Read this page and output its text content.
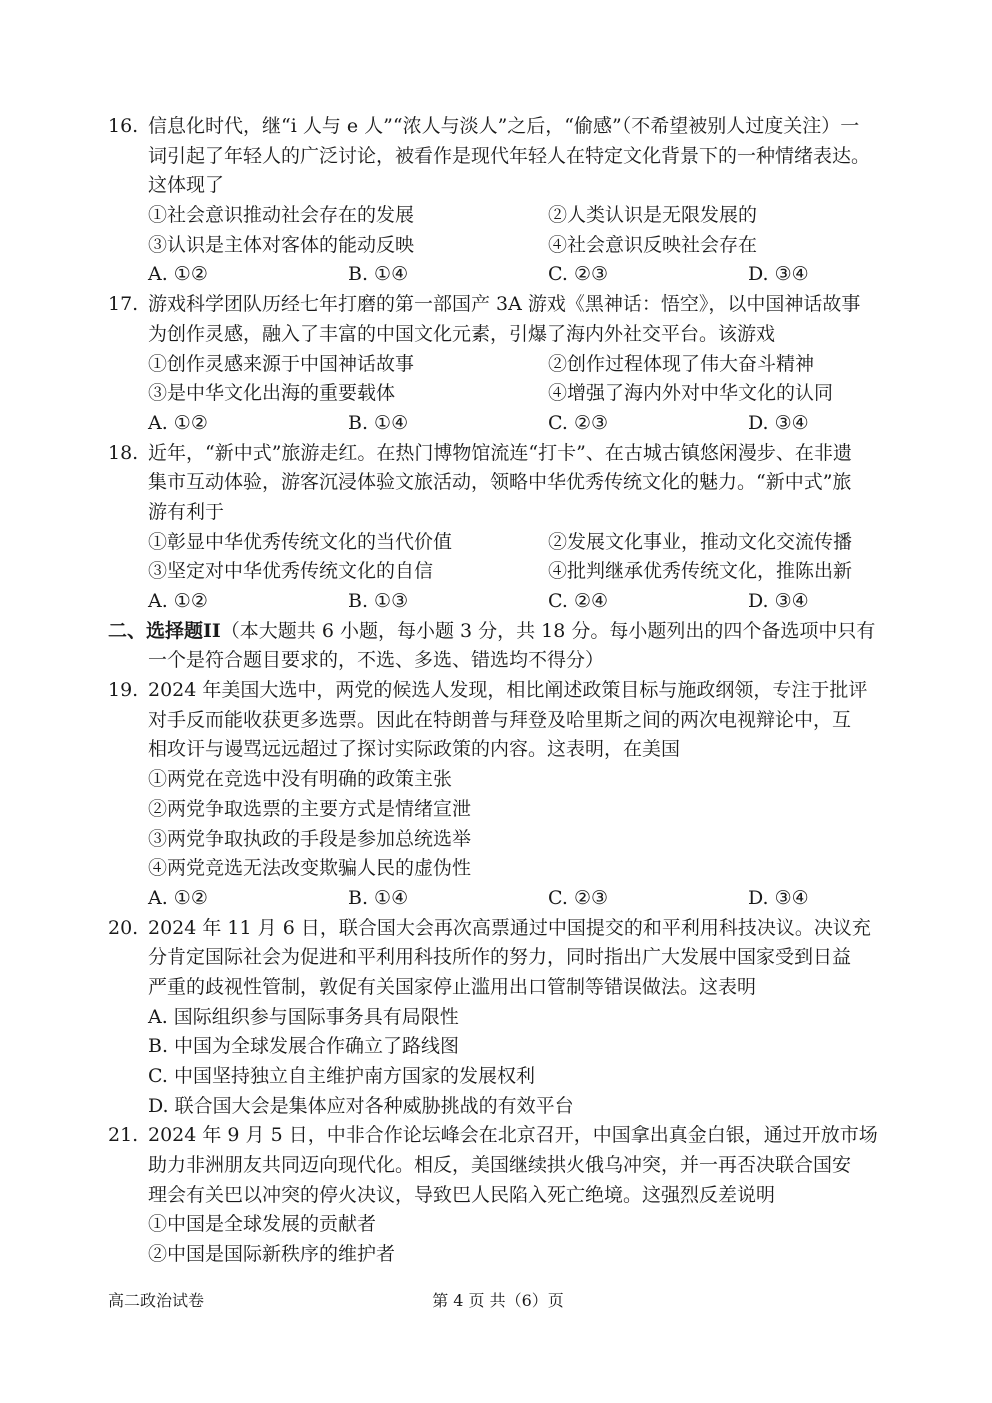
16. 信息化时代，继“i 人与 e 人”“浓人与淡人”之后，“偷感”（不希望被别人过度关注）一
词引起了年轻人的广泛讨论，被看作是现代年轻人在特定文化背景下的一种情绪表达。
这体现了
①社会意识推动社会存在的发展	②人类认识是无限发展的
③认识是主体对客体的能动反映	④社会意识反映社会存在
A. ①②	B. ①④	C. ②③	D. ③④
17. 游戏科学团队历经七年打磨的第一部国产 3A 游戏《黑神话：悟空》，以中国神话故事
为创作灵感，融入了丰富的中国文化元素，引爆了海内外社交平台。该游戏
①创作灵感来源于中国神话故事	②创作过程体现了伟大奋斗精神
③是中华文化出海的重要载体	④增强了海内外对中华文化的认同
A. ①②	B. ①④	C. ②③	D. ③④
18. 近年，“新中式”旅游走红。在热门博物馆流连“打卡”、在古城古镇悠闲漫步、在非遗
集市互动体验，游客沉浸体验文旅活动，领略中华优秀传统文化的魅力。“新中式”旅
游有利于
①彰显中华优秀传统文化的当代价值	②发展文化事业，推动文化交流传播
③坚定对中华优秀传统文化的自信	④批判继承优秀传统文化，推陈出新
A. ①②	B. ①③	C. ②④	D. ③④
二、选择题II（本大题共 6 小题，每小题 3 分，共 18 分。每小题列出的四个备选项中只有
一个是符合题目要求的，不选、多选、错选均不得分）
19. 2024 年美国大选中，两党的候选人发现，相比阐述政策目标与施政纲领，专注于批评
对手反而能收获更多选票。因此在特朗普与拜登及哈里斯之间的两次电视辩论中，互
相攻讦与谩骂远远超过了探讨实际政策的内容。这表明，在美国
①两党在竞选中没有明确的政策主张
②两党争取选票的主要方式是情绪宣泄
③两党争取执政的手段是参加总统选举
④两党竞选无法改变欺骗人民的虚伪性
A. ①②	B. ①④	C. ②③	D. ③④
20. 2024 年 11 月 6 日，联合国大会再次高票通过中国提交的和平利用科技决议。决议充
分肯定国际社会为促进和平利用科技所作的努力，同时指出广大发展中国家受到日益
严重的歧视性管制，敦促有关国家停止滥用出口管制等错误做法。这表明
A. 国际组织参与国际事务具有局限性
B. 中国为全球发展合作确立了路线图
C. 中国坚持独立自主维护南方国家的发展权利
D. 联合国大会是集体应对各种威胁挑战的有效平台
21. 2024 年 9 月 5 日，中非合作论坛峰会在北京召开，中国拿出真金白银，通过开放市场
助力非洲朋友共同迈向现代化。相反，美国继续拱火俄乌冲突，并一再否决联合国安
理会有关巴以冲突的停火决议，导致巴人民陷入死亡绝境。这强烈反差说明
①中国是全球发展的贡献者
②中国是国际新秩序的维护者
高二政治试卷	第 4 页 共（6）页
